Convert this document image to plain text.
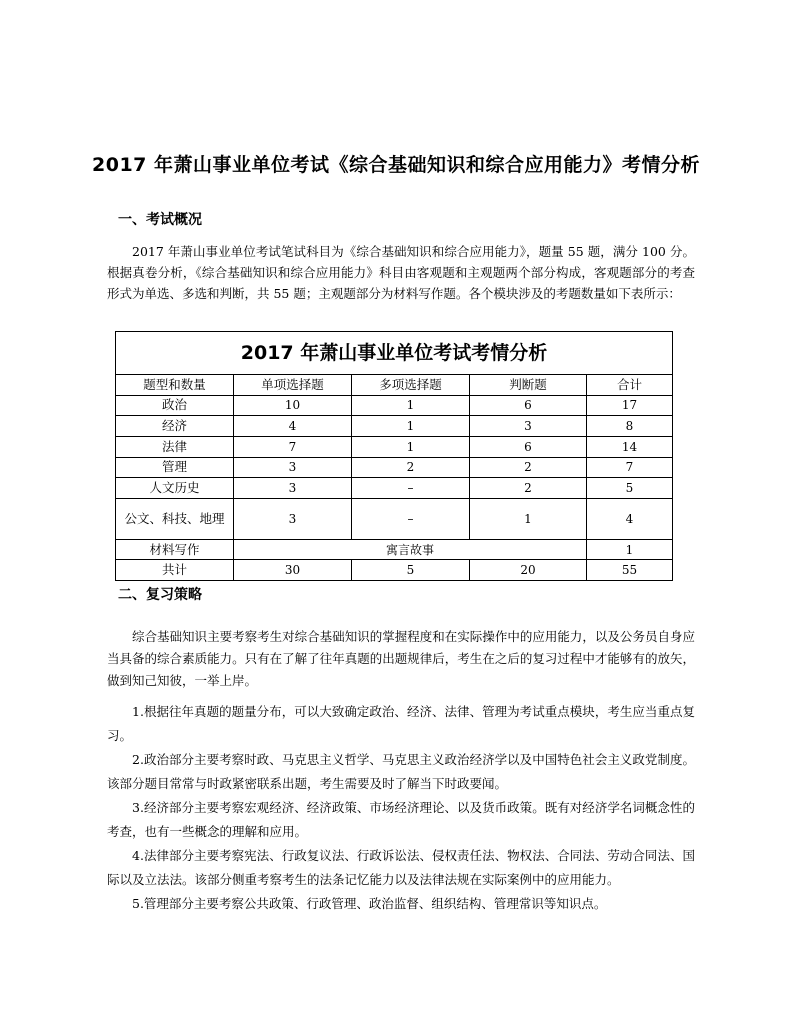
2017 年萧山事业单位考试《综合基础知识和综合应用能力》考情分析
一、考试概况
2017 年萧山事业单位考试笔试科目为《综合基础知识和综合应用能力》，题量 55 题，满分 100 分。根据真卷分析，《综合基础知识和综合应用能力》科目由客观题和主观题两个部分构成，客观题部分的考查形式为单选、多选和判断，共 55 题；主观题部分为材料写作题。各个模块涉及的考题数量如下表所示：
2017 年萧山事业单位考试考情分析				
题型和数量	单项选择题	多项选择题	判断题	合计
政治	10	1	6	17
经济	4	1	3	8
法律	7	1	6	14
管理	3	2	2	7
人文历史	3	–	2	5
公文、科技、地理	3	–	1	4
材料写作	寓言故事			1
共计	30	5	20	55
二、复习策略
综合基础知识主要考察考生对综合基础知识的掌握程度和在实际操作中的应用能力，以及公务员自身应当具备的综合素质能力。只有在了解了往年真题的出题规律后，考生在之后的复习过程中才能够有的放矢，做到知己知彼，一举上岸。
1.根据往年真题的题量分布，可以大致确定政治、经济、法律、管理为考试重点模块，考生应当重点复习。
2.政治部分主要考察时政、马克思主义哲学、马克思主义政治经济学以及中国特色社会主义政党制度。该部分题目常常与时政紧密联系出题，考生需要及时了解当下时政要闻。
3.经济部分主要考察宏观经济、经济政策、市场经济理论、以及货币政策。既有对经济学名词概念性的考查，也有一些概念的理解和应用。
4.法律部分主要考察宪法、行政复议法、行政诉讼法、侵权责任法、物权法、合同法、劳动合同法、国际以及立法法。该部分侧重考察考生的法条记忆能力以及法律法规在实际案例中的应用能力。
5.管理部分主要考察公共政策、行政管理、政治监督、组织结构、管理常识等知识点。
